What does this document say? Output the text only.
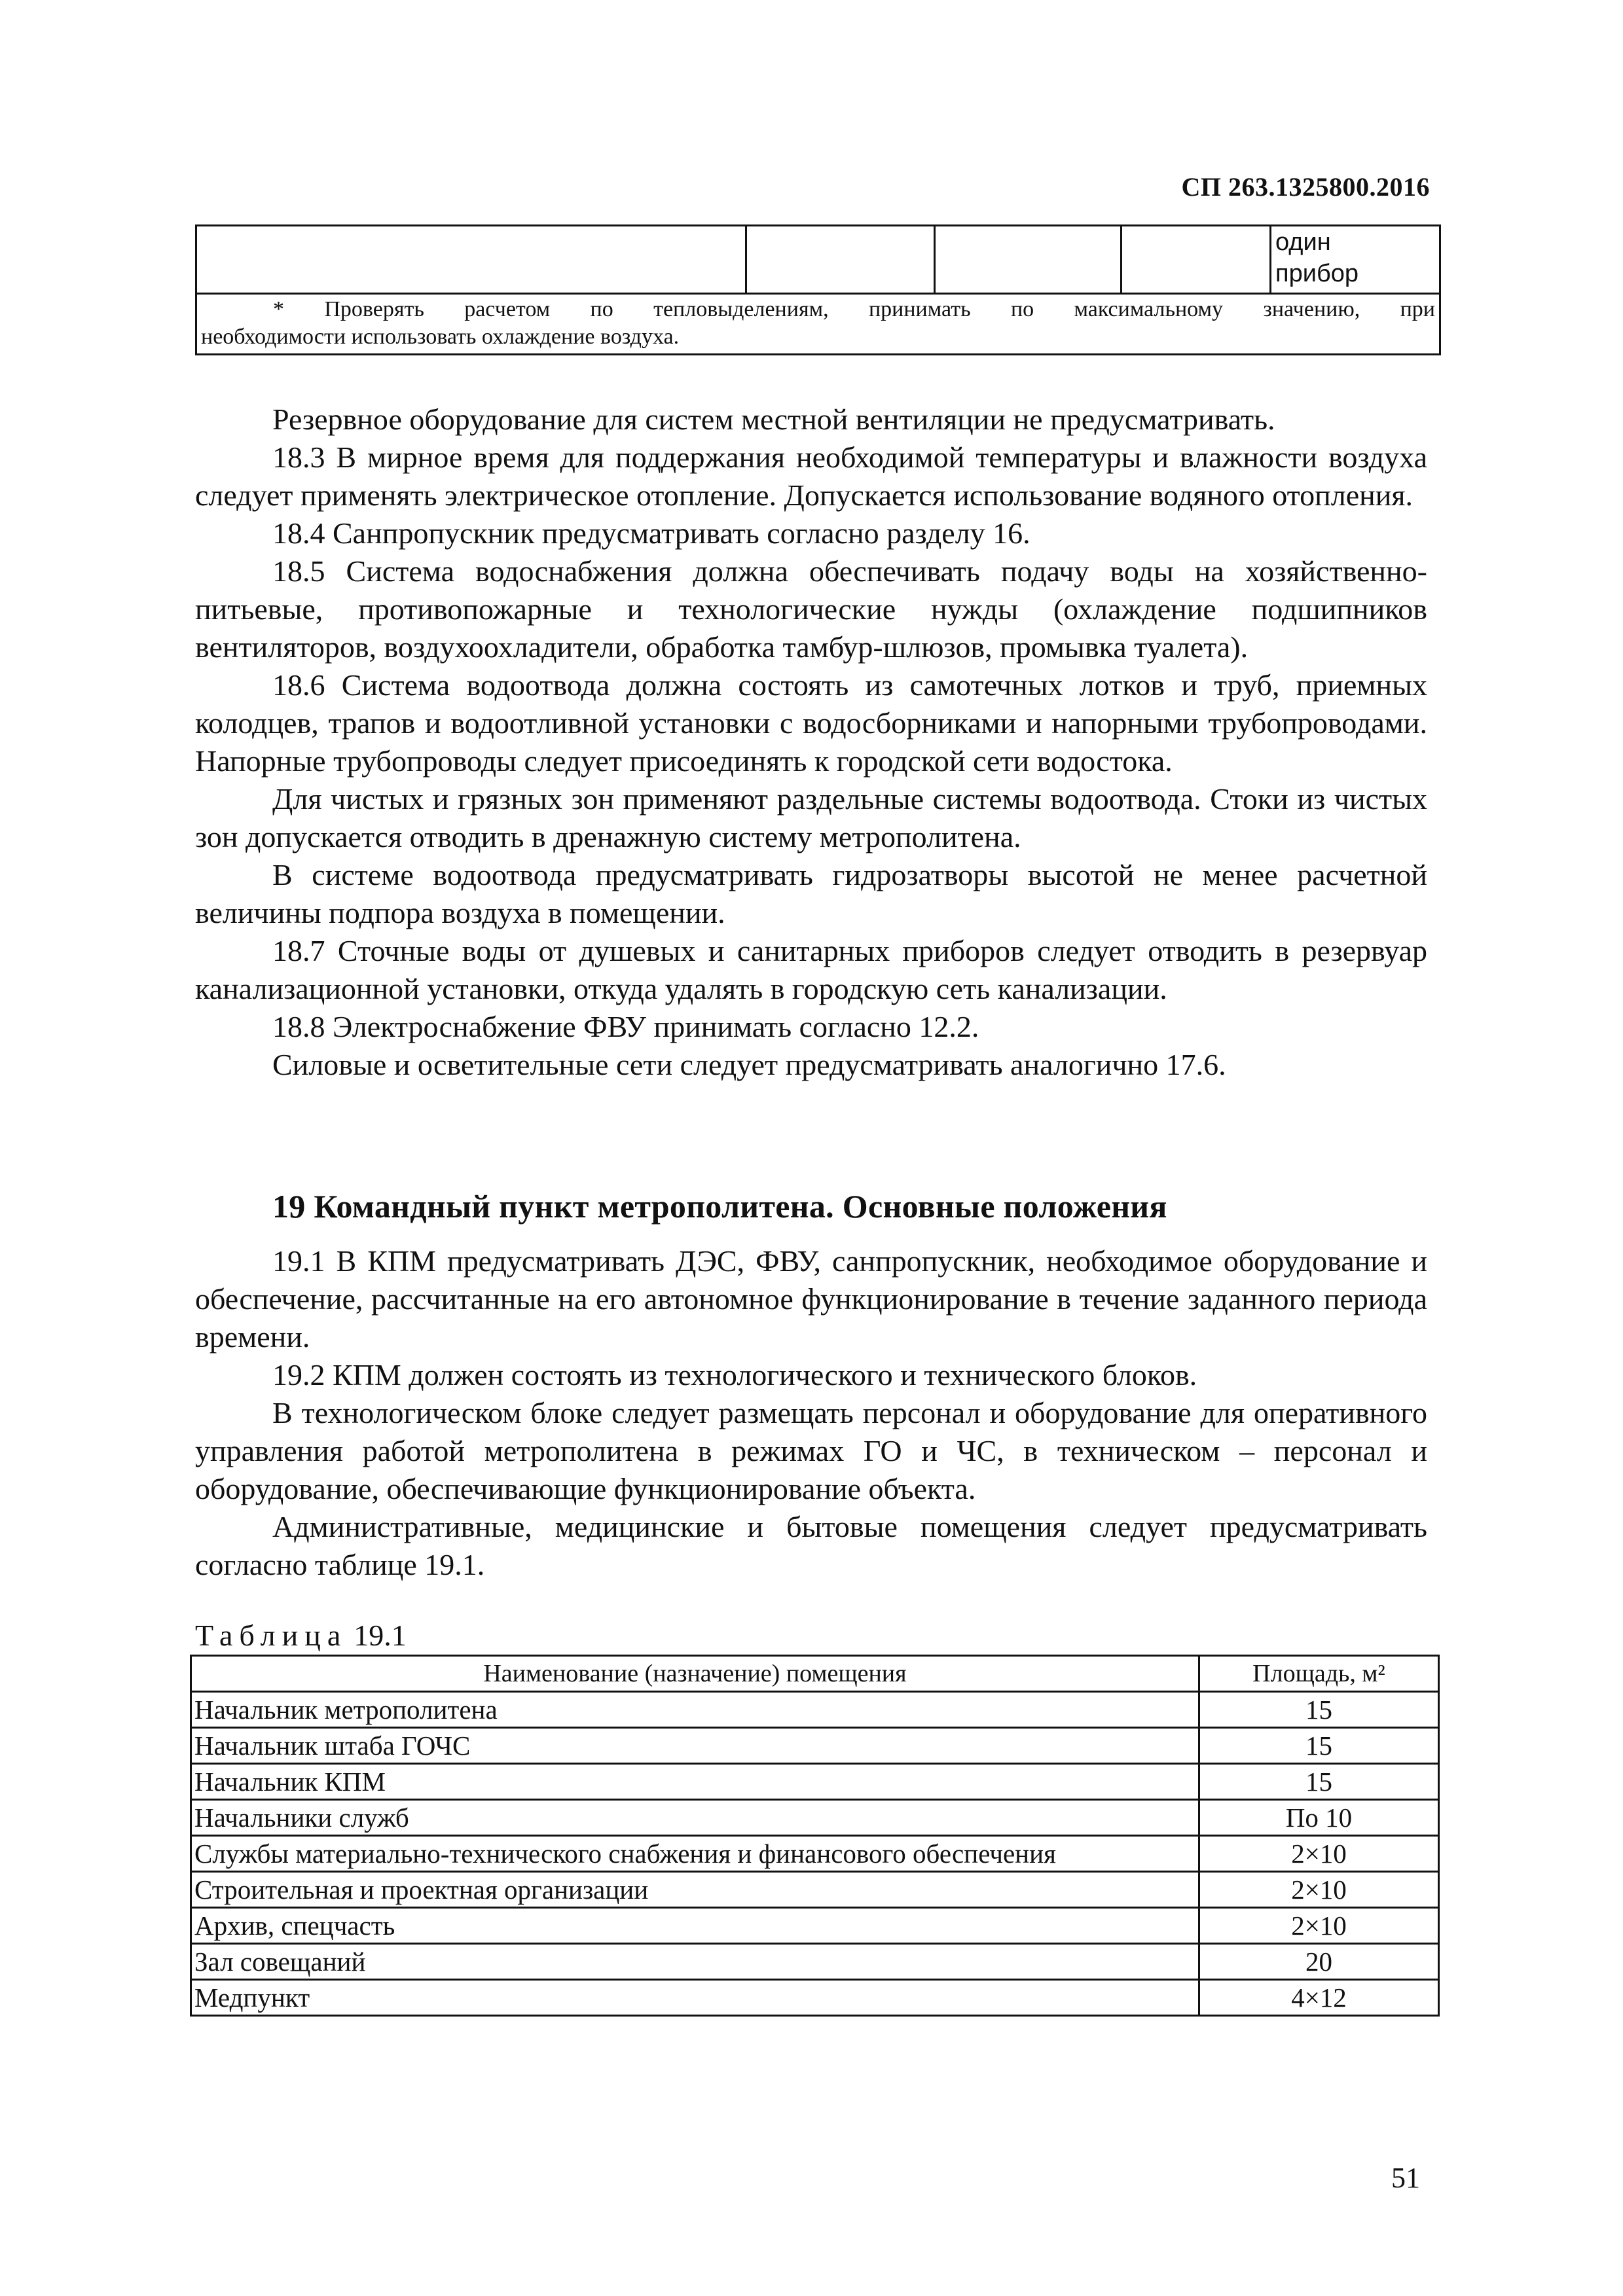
СП 263.1325800.2016

один
прибор

* Проверять расчетом по тепловыделениям, принимать по максимальному значению, при
необходимости использовать охлаждение воздуха.

Резервное оборудование для систем местной вентиляции не предусматривать.

18.3 В мирное время для поддержания необходимой температуры и влажности воздуха следует применять электрическое отопление. Допускается использование водяного отопления.

18.4 Санпропускник предусматривать согласно разделу 16.

18.5 Система водоснабжения должна обеспечивать подачу воды на хозяйственно-питьевые, противопожарные и технологические нужды (охлаждение подшипников вентиляторов, воздухоохладители, обработка тамбур-шлюзов, промывка туалета).

18.6 Система водоотвода должна состоять из самотечных лотков и труб, приемных колодцев, трапов и водоотливной установки с водосборниками и напорными трубопроводами. Напорные трубопроводы следует присоединять к городской сети водостока.

Для чистых и грязных зон применяют раздельные системы водоотвода. Стоки из чистых зон допускается отводить в дренажную систему метрополитена.

В системе водоотвода предусматривать гидрозатворы высотой не менее расчетной величины подпора воздуха в помещении.

18.7 Сточные воды от душевых и санитарных приборов следует отводить в резервуар канализационной установки, откуда удалять в городскую сеть канализации.

18.8 Электроснабжение ФВУ принимать согласно 12.2.

Силовые и осветительные сети следует предусматривать аналогично 17.6.

19 Командный пункт метрополитена. Основные положения

19.1 В КПМ предусматривать ДЭС, ФВУ, санпропускник, необходимое оборудование и обеспечение, рассчитанные на его автономное функционирование в течение заданного периода времени.

19.2 КПМ должен состоять из технологического и технического блоков.

В технологическом блоке следует размещать персонал и оборудование для оперативного управления работой метрополитена в режимах ГО и ЧС, в техническом – персонал и оборудование, обеспечивающие функционирование объекта.

Административные, медицинские и бытовые помещения следует предусматривать согласно таблице 19.1.

Таблица 19.1
Наименование (назначение) помещения	Площадь, м²
Начальник метрополитена	15
Начальник штаба ГОЧС	15
Начальник КПМ	15
Начальники служб	По 10
Службы материально-технического снабжения и финансового обеспечения	2×10
Строительная и проектная организации	2×10
Архив, спецчасть	2×10
Зал совещаний	20
Медпункт	4×12
51
